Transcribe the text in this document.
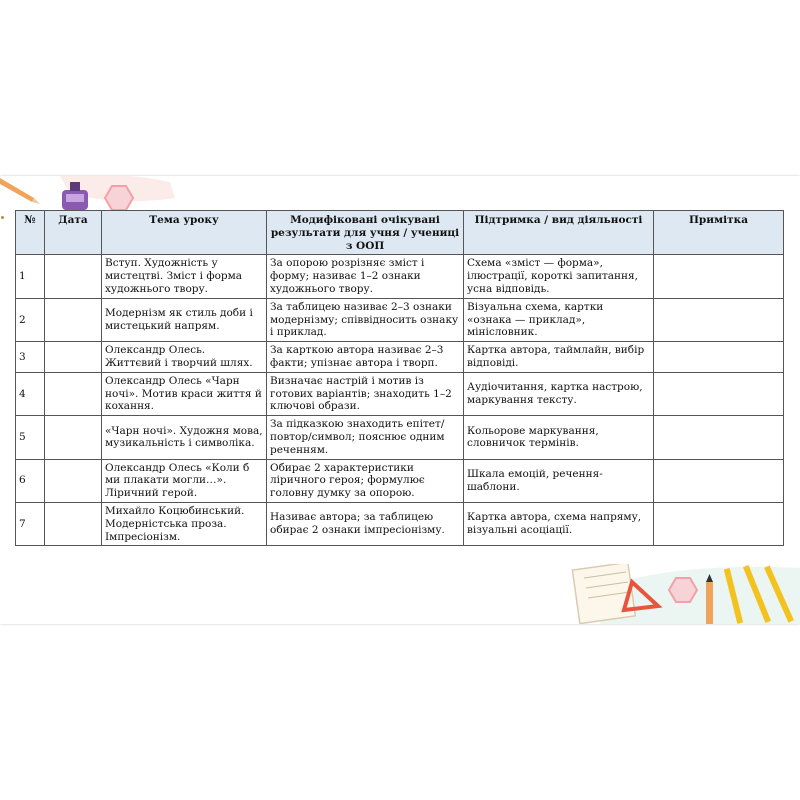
№	Дата	Тема уроку	Модифіковані очікувані результати для учня / учениці з ООП	Підтримка / вид діяльності	Примітка
1		Вступ. Художність у мистецтві. Зміст і форма художнього твору.	За опорою розрізняє зміст і форму; називає 1–2 ознаки художнього твору.	Схема «зміст — форма», ілюстрації, короткі запитання, усна відповідь.	
2		Модернізм як стиль доби і мистецький напрям.	За таблицею називає 2–3 ознаки модернізму; співвідносить ознаку і приклад.	Візуальна схема, картки «ознака — приклад», мінісловник.	
3		Олександр Олесь. Життєвий і творчий шлях.	За карткою автора називає 2–3 факти; упізнає автора і творп.	Картка автора, таймлайн, вибір відповіді.	
4		Олександр Олесь «Чарн ночі». Мотив краси життя й кохання.	Визначає настрій і мотив із готових варіантів; знаходить 1–2 ключові образи.	Аудіочитання, картка настрою, маркування тексту.	
5		«Чарн ночі». Художня мова, музикальність і символіка.	За підказкою знаходить епітет/повтор/символ; пояснює одним реченням.	Кольорове маркування, словничок термінів.	
6		Олександр Олесь «Коли б ми плакати могли…». Ліричний герой.	Обирає 2 характеристики ліричного героя; формулює головну думку за опорою.	Шкала емоцій, речення-шаблони.	
7		Михайло Коцюбинський. Модерністська проза. Імпресіонізм.	Називає автора; за таблицею обирає 2 ознаки імпресіонізму.	Картка автора, схема напряму, візуальні асоціації.	
